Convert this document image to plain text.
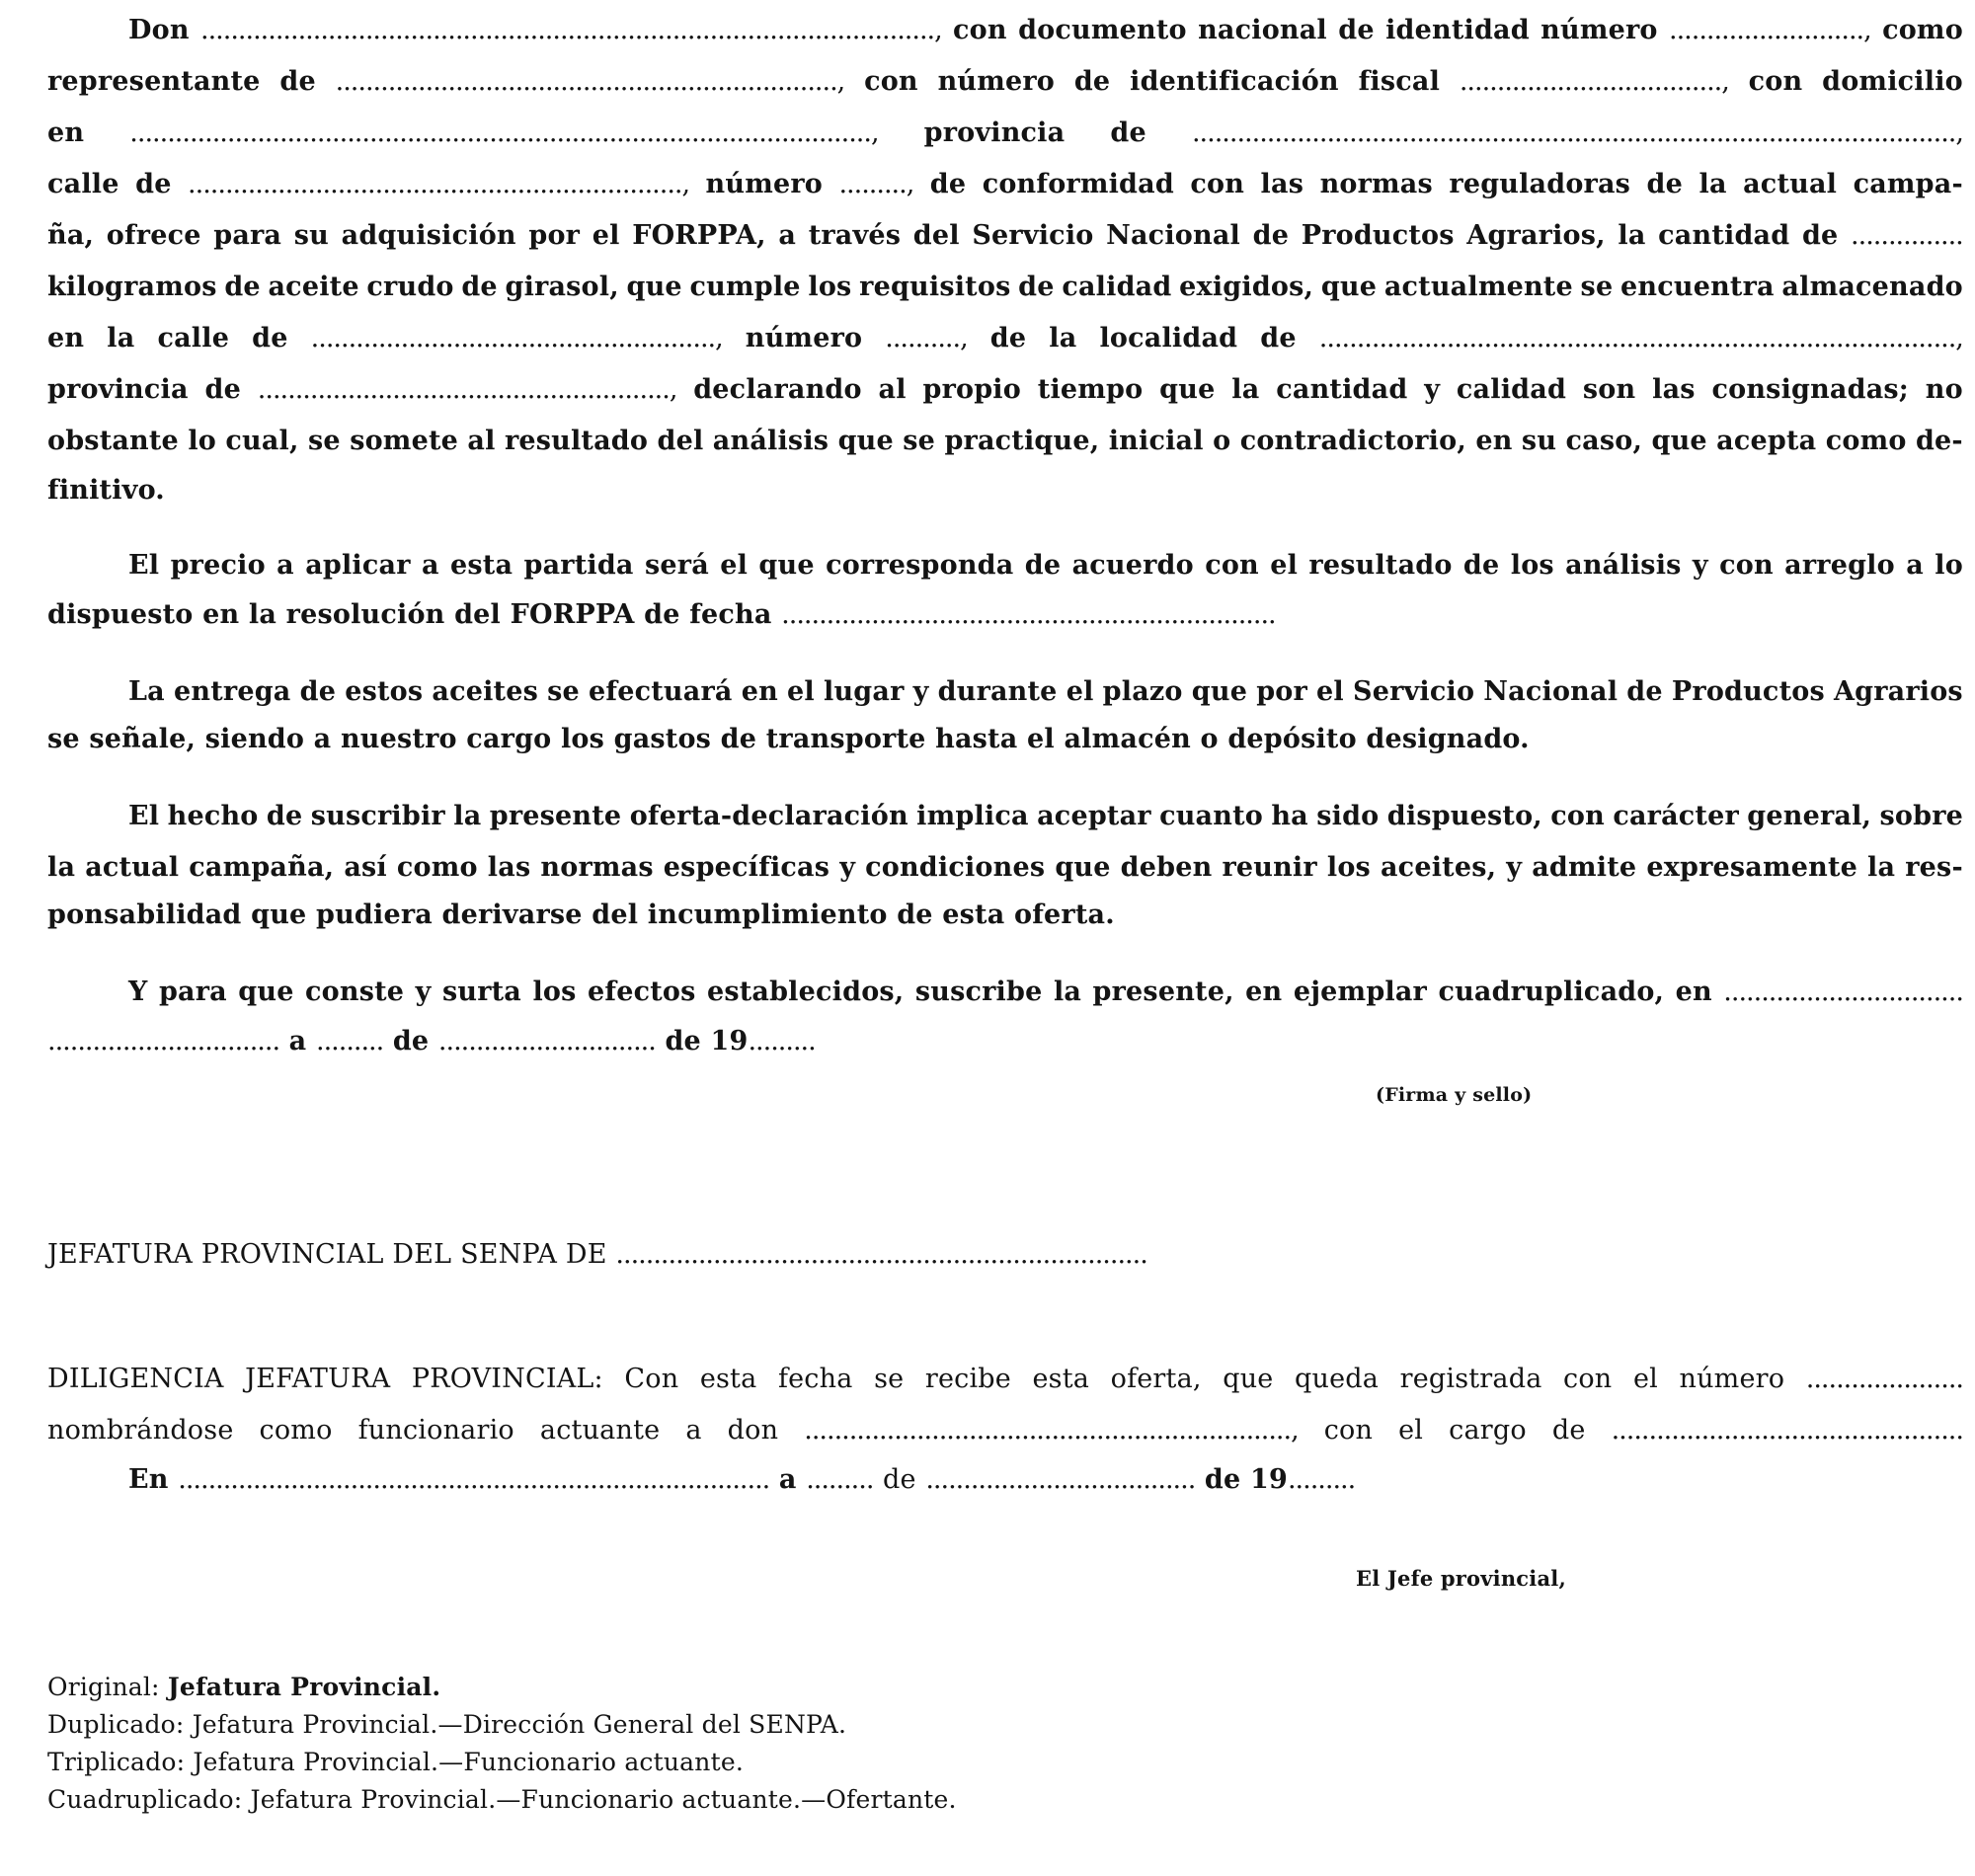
Don .................................................................................................., con documento nacional de identidad número .........................., como
representante de ..................................................................., con número de identificación fiscal ..................................., con domicilio
en ..................................................................................................., provincia de ......................................................................................................,
calle de .................................................................., número ........., de conformidad con las normas reguladoras de la actual campa-
ña, ofrece para su adquisición por el FORPPA, a través del Servicio Nacional de Productos Agrarios, la cantidad de ...............
kilogramos de aceite crudo de girasol, que cumple los requisitos de calidad exigidos, que actualmente se encuentra almacenado
en la calle de ......................................................, número .........., de la localidad de .....................................................................................,
provincia de ......................................................., declarando al propio tiempo que la cantidad y calidad son las consignadas; no
obstante lo cual, se somete al resultado del análisis que se practique, inicial o contradictorio, en su caso, que acepta como de-
finitivo.
El precio a aplicar a esta partida será el que corresponda de acuerdo con el resultado de los análisis y con arreglo a lo
dispuesto en la resolución del FORPPA de fecha ..................................................................
La entrega de estos aceites se efectuará en el lugar y durante el plazo que por el Servicio Nacional de Productos Agrarios
se señale, siendo a nuestro cargo los gastos de transporte hasta el almacén o depósito designado.
El hecho de suscribir la presente oferta-declaración implica aceptar cuanto ha sido dispuesto, con carácter general, sobre
la actual campaña, así como las normas específicas y condiciones que deben reunir los aceites, y admite expresamente la res-
ponsabilidad que pudiera derivarse del incumplimiento de esta oferta.
Y para que conste y surta los efectos establecidos, suscribe la presente, en ejemplar cuadruplicado, en ................................
............................... a ......... de ............................. de 19.........
(Firma y sello)
JEFATURA PROVINCIAL DEL SENPA DE .......................................................................
DILIGENCIA JEFATURA PROVINCIAL: Con esta fecha se recibe esta oferta, que queda registrada con el número .....................
nombrándose como funcionario actuante a don ................................................................., con el cargo de ...............................................
En ............................................................................... a ......... de .................................... de 19.........
El Jefe provincial,
Original: Jefatura Provincial.
Duplicado: Jefatura Provincial.—Dirección General del SENPA.
Triplicado: Jefatura Provincial.—Funcionario actuante.
Cuadruplicado: Jefatura Provincial.—Funcionario actuante.—Ofertante.
